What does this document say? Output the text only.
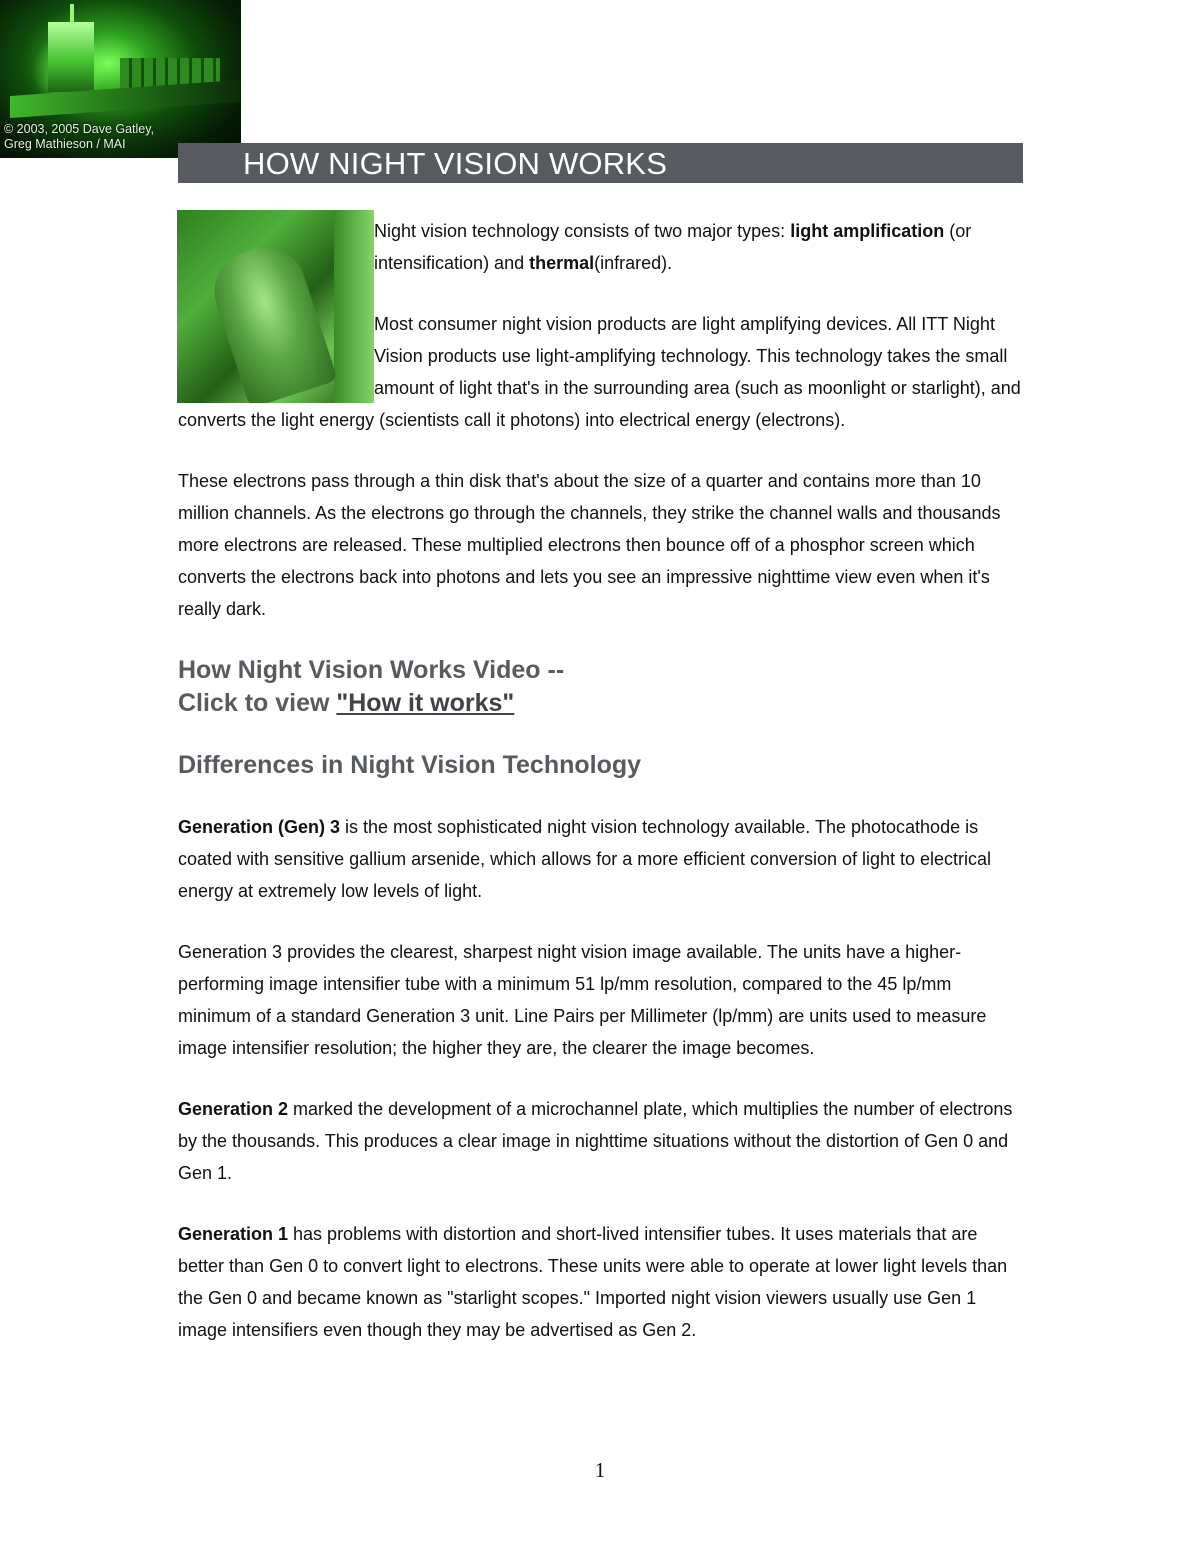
© 2003, 2005 Dave Gatley,
Greg Mathieson / MAI
HOW NIGHT VISION WORKS

Night vision technology consists of two major types: light amplification (or intensification) and thermal(infrared).

Most consumer night vision products are light amplifying devices. All ITT Night Vision products use light-amplifying technology. This technology takes the small amount of light that's in the surrounding area (such as moonlight or starlight), and converts the light energy (scientists call it photons) into electrical energy (electrons).

These electrons pass through a thin disk that's about the size of a quarter and contains more than 10 million channels. As the electrons go through the channels, they strike the channel walls and thousands more electrons are released. These multiplied electrons then bounce off of a phosphor screen which converts the electrons back into photons and lets you see an impressive nighttime view even when it's really dark.

How Night Vision Works Video --
Click to view "How it works"
Differences in Night Vision Technology

Generation (Gen) 3 is the most sophisticated night vision technology available. The photocathode is coated with sensitive gallium arsenide, which allows for a more efficient conversion of light to electrical energy at extremely low levels of light.

Generation 3 provides the clearest, sharpest night vision image available. The units have a higher-performing image intensifier tube with a minimum 51 lp/mm resolution, compared to the 45 lp/mm minimum of a standard Generation 3 unit. Line Pairs per Millimeter (lp/mm) are units used to measure image intensifier resolution; the higher they are, the clearer the image becomes.

Generation 2 marked the development of a microchannel plate, which multiplies the number of electrons by the thousands. This produces a clear image in nighttime situations without the distortion of Gen 0 and Gen 1.

Generation 1 has problems with distortion and short-lived intensifier tubes. It uses materials that are better than Gen 0 to convert light to electrons. These units were able to operate at lower light levels than the Gen 0 and became known as "starlight scopes." Imported night vision viewers usually use Gen 1 image intensifiers even though they may be advertised as Gen 2.

1
